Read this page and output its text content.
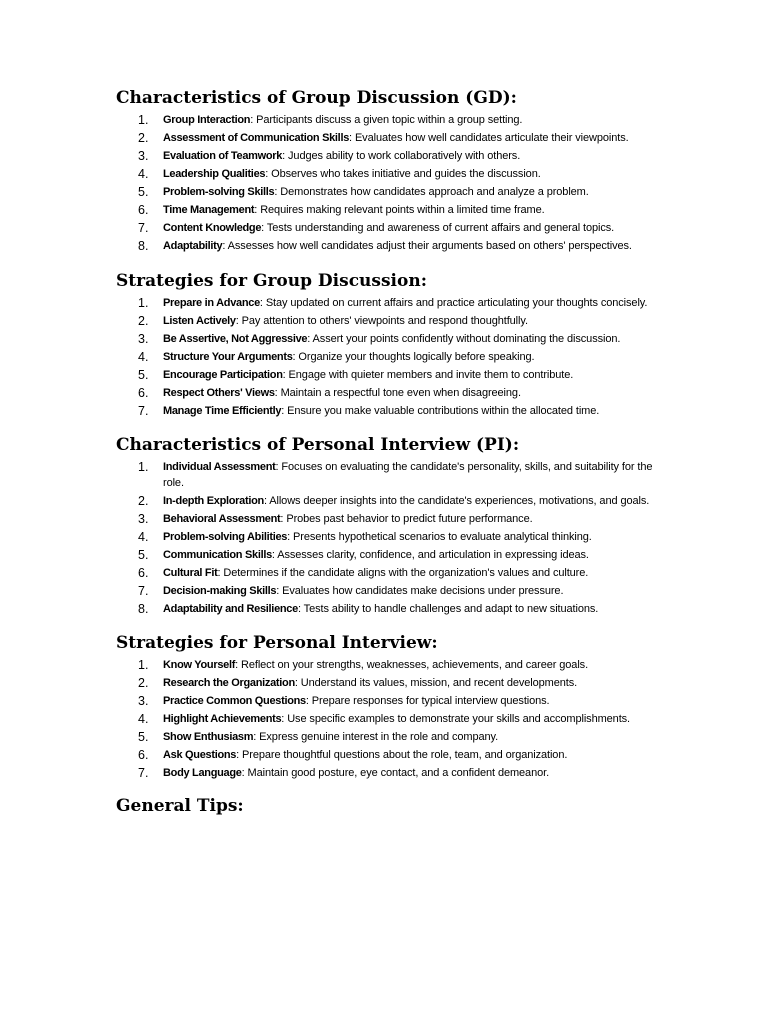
Characteristics of Group Discussion (GD):
1.	Group Interaction: Participants discuss a given topic within a group setting.
2.	Assessment of Communication Skills: Evaluates how well candidates articulate their viewpoints.
3.	Evaluation of Teamwork: Judges ability to work collaboratively with others.
4.	Leadership Qualities: Observes who takes initiative and guides the discussion.
5.	Problem-solving Skills: Demonstrates how candidates approach and analyze a problem.
6.	Time Management: Requires making relevant points within a limited time frame.
7.	Content Knowledge: Tests understanding and awareness of current affairs and general topics.
8.	Adaptability: Assesses how well candidates adjust their arguments based on others' perspectives.
Strategies for Group Discussion:
1.	Prepare in Advance: Stay updated on current affairs and practice articulating your thoughts concisely.
2.	Listen Actively: Pay attention to others' viewpoints and respond thoughtfully.
3.	Be Assertive, Not Aggressive: Assert your points confidently without dominating the discussion.
4.	Structure Your Arguments: Organize your thoughts logically before speaking.
5.	Encourage Participation: Engage with quieter members and invite them to contribute.
6.	Respect Others' Views: Maintain a respectful tone even when disagreeing.
7.	Manage Time Efficiently: Ensure you make valuable contributions within the allocated time.
Characteristics of Personal Interview (PI):
1.	Individual Assessment: Focuses on evaluating the candidate's personality, skills, and suitability for the role.
2.	In-depth Exploration: Allows deeper insights into the candidate's experiences, motivations, and goals.
3.	Behavioral Assessment: Probes past behavior to predict future performance.
4.	Problem-solving Abilities: Presents hypothetical scenarios to evaluate analytical thinking.
5.	Communication Skills: Assesses clarity, confidence, and articulation in expressing ideas.
6.	Cultural Fit: Determines if the candidate aligns with the organization's values and culture.
7.	Decision-making Skills: Evaluates how candidates make decisions under pressure.
8.	Adaptability and Resilience: Tests ability to handle challenges and adapt to new situations.
Strategies for Personal Interview:
1.	Know Yourself: Reflect on your strengths, weaknesses, achievements, and career goals.
2.	Research the Organization: Understand its values, mission, and recent developments.
3.	Practice Common Questions: Prepare responses for typical interview questions.
4.	Highlight Achievements: Use specific examples to demonstrate your skills and accomplishments.
5.	Show Enthusiasm: Express genuine interest in the role and company.
6.	Ask Questions: Prepare thoughtful questions about the role, team, and organization.
7.	Body Language: Maintain good posture, eye contact, and a confident demeanor.
General Tips:
